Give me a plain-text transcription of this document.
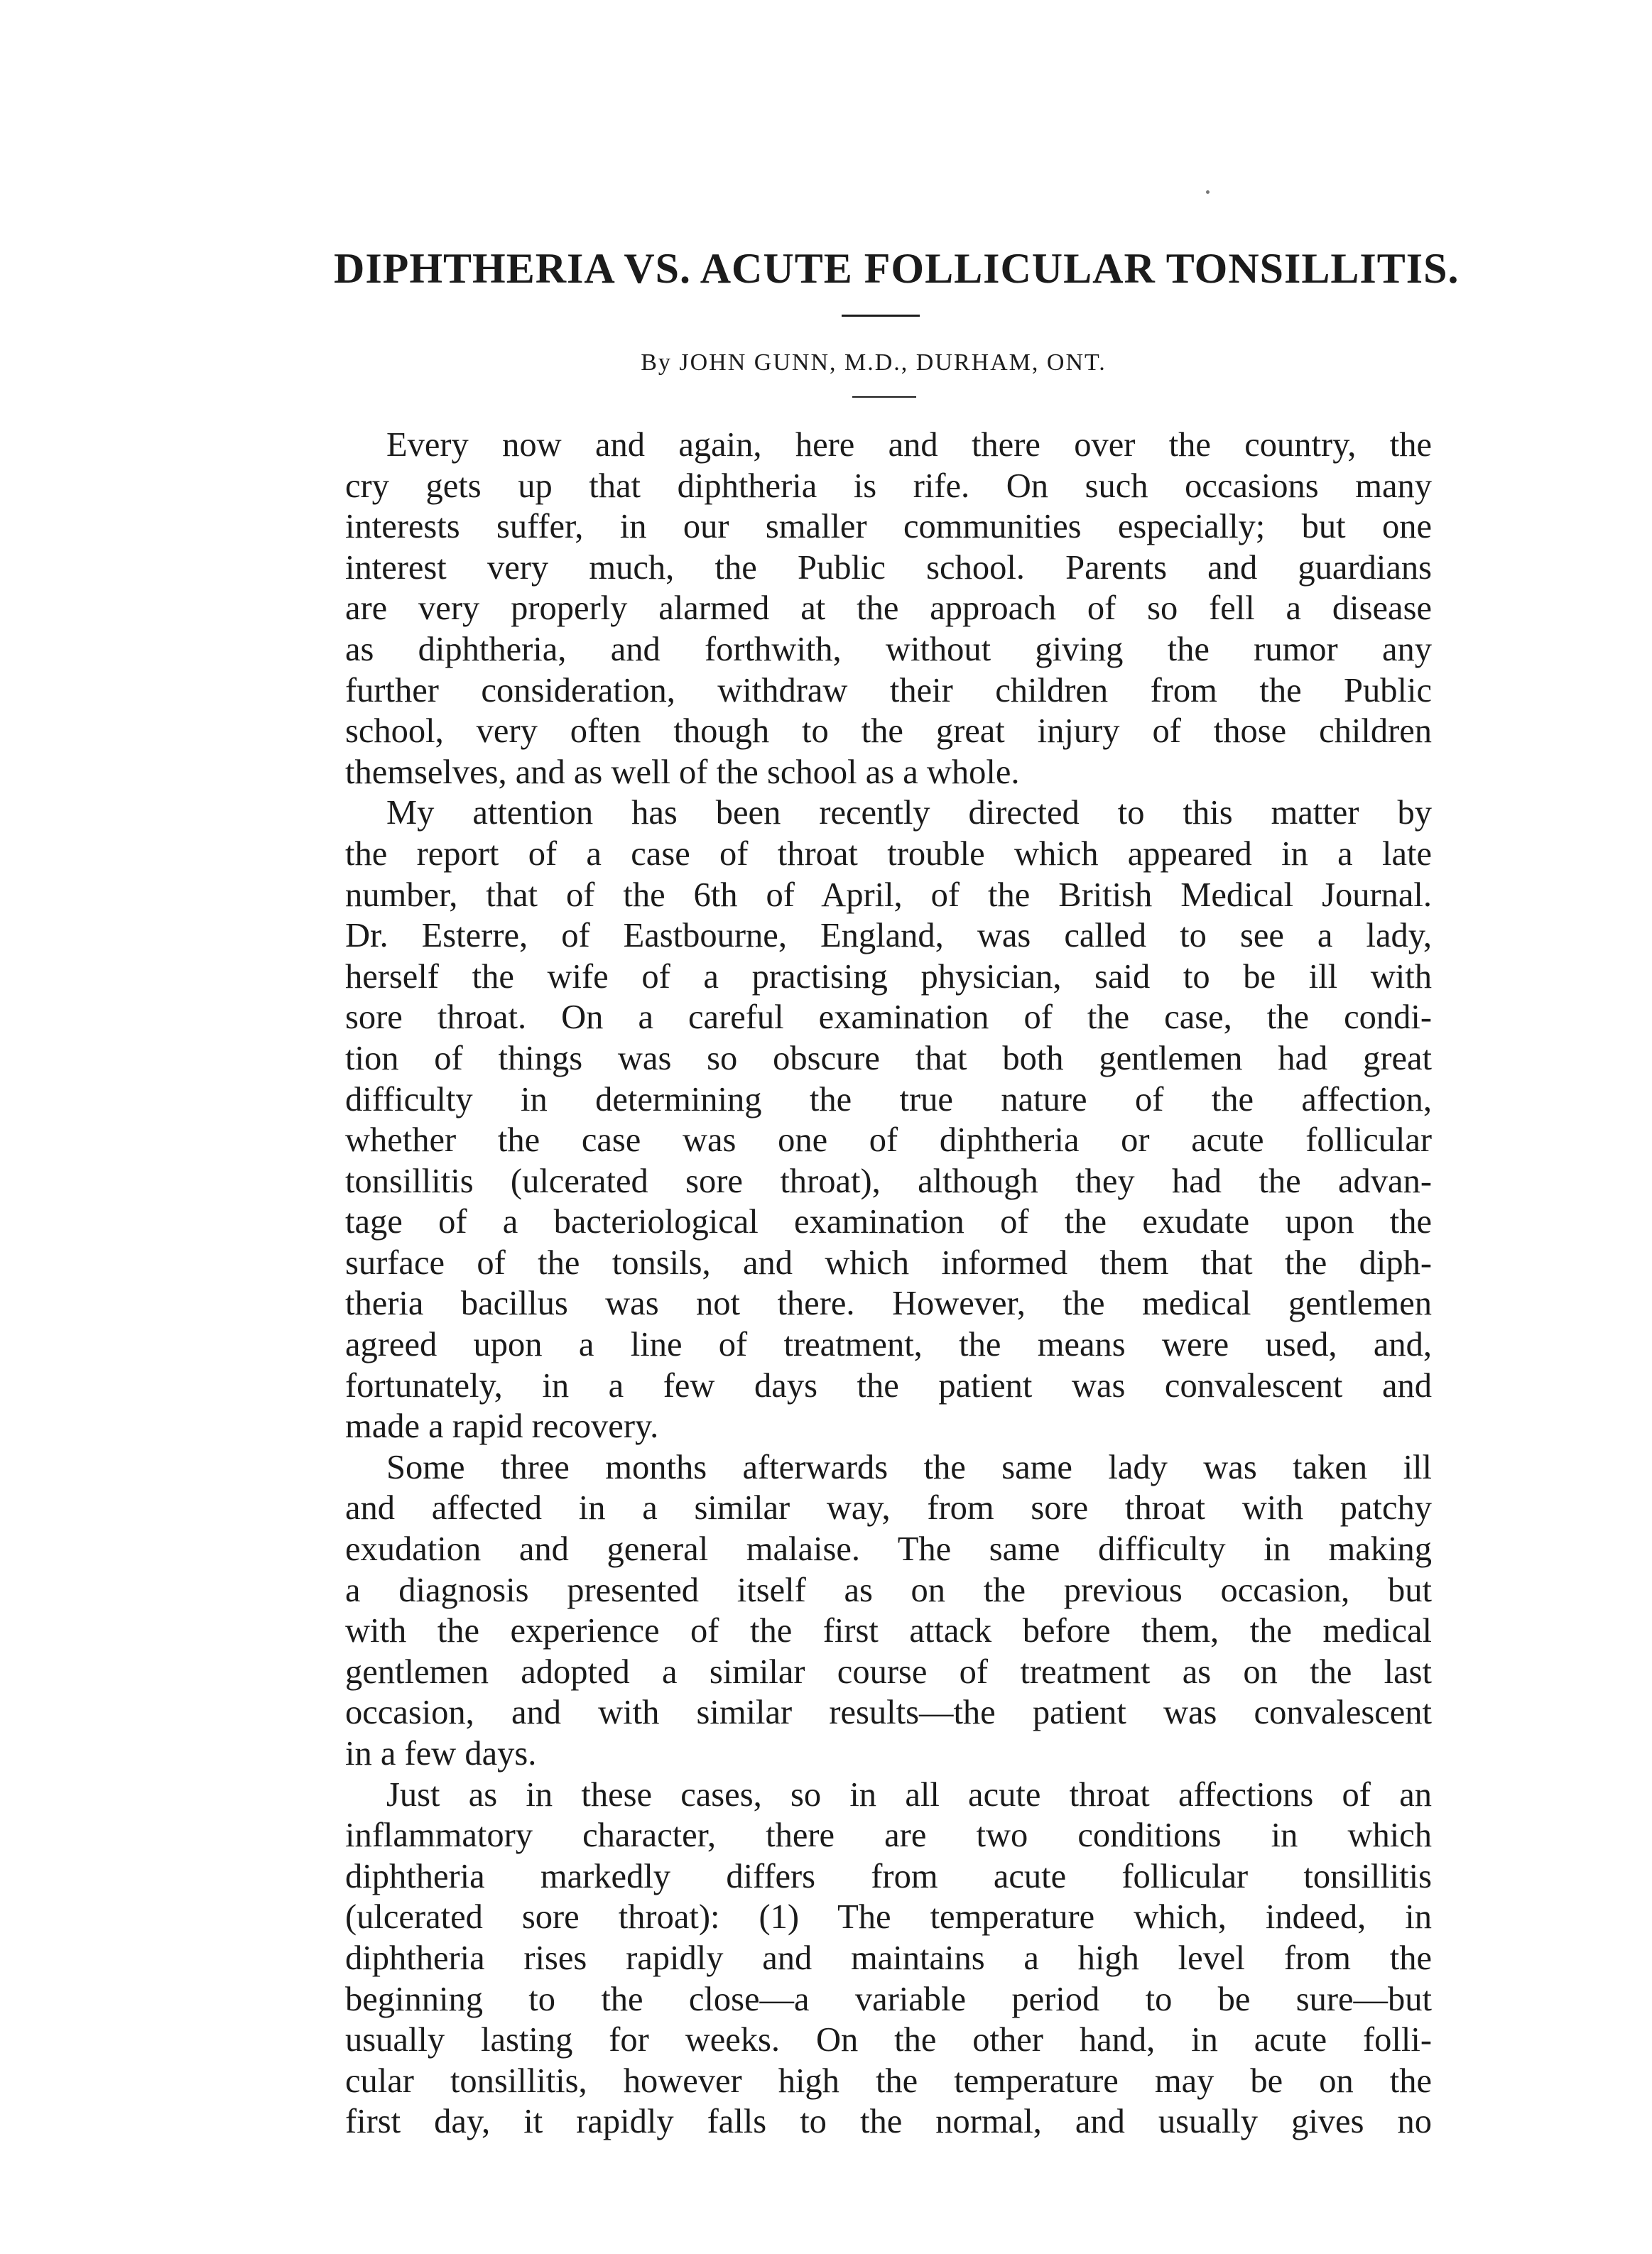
DIPHTHERIA VS. ACUTE FOLLICULAR TONSILLITIS.
By JOHN GUNN, M.D., DURHAM, ONT.

Every now and again, here and there over the country, the
cry gets up that diphtheria is rife. On such occasions many
interests suffer, in our smaller communities especially; but one
interest very much, the Public school. Parents and guardians
are very properly alarmed at the approach of so fell a disease
as diphtheria, and forthwith, without giving the rumor any
further consideration, withdraw their children from the Public
school, very often though to the great injury of those children
themselves, and as well of the school as a whole.

My attention has been recently directed to this matter by
the report of a case of throat trouble which appeared in a late
number, that of the 6th of April, of the British Medical Journal.
Dr. Esterre, of Eastbourne, England, was called to see a lady,
herself the wife of a practising physician, said to be ill with
sore throat. On a careful examination of the case, the condi-
tion of things was so obscure that both gentlemen had great
difficulty in determining the true nature of the affection,
whether the case was one of diphtheria or acute follicular
tonsillitis (ulcerated sore throat), although they had the advan-
tage of a bacteriological examination of the exudate upon the
surface of the tonsils, and which informed them that the diph-
theria bacillus was not there. However, the medical gentlemen
agreed upon a line of treatment, the means were used, and,
fortunately, in a few days the patient was convalescent and
made a rapid recovery.

Some three months afterwards the same lady was taken ill
and affected in a similar way, from sore throat with patchy
exudation and general malaise. The same difficulty in making
a diagnosis presented itself as on the previous occasion, but
with the experience of the first attack before them, the medical
gentlemen adopted a similar course of treatment as on the last
occasion, and with similar results—the patient was convalescent
in a few days.

Just as in these cases, so in all acute throat affections of an
inflammatory character, there are two conditions in which
diphtheria markedly differs from acute follicular tonsillitis
(ulcerated sore throat): (1) The temperature which, indeed, in
diphtheria rises rapidly and maintains a high level from the
beginning to the close—a variable period to be sure—but
usually lasting for weeks. On the other hand, in acute folli-
cular tonsillitis, however high the temperature may be on the
first day, it rapidly falls to the normal, and usually gives no
